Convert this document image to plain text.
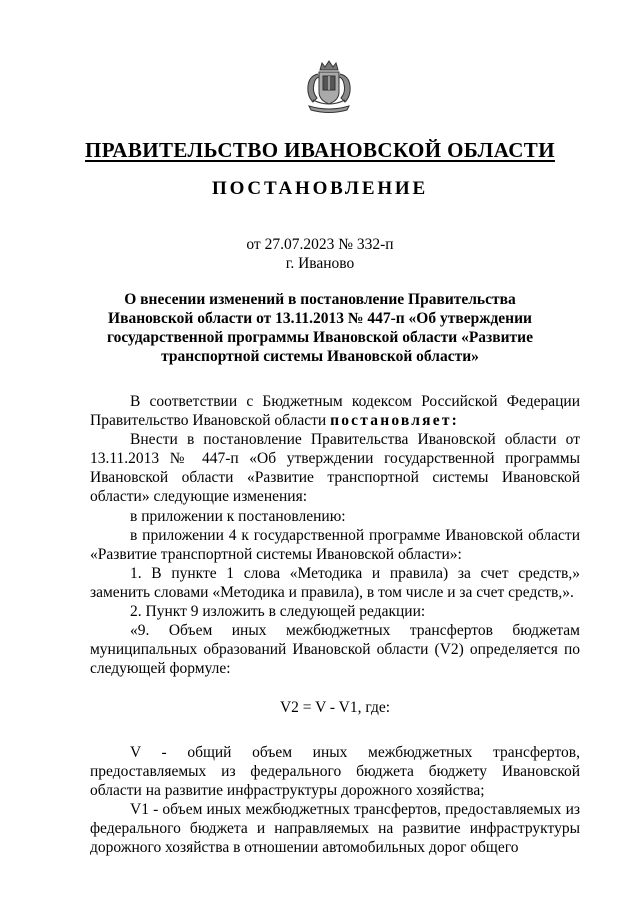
ПРАВИТЕЛЬСТВО ИВАНОВСКОЙ ОБЛАСТИ
ПОСТАНОВЛЕНИЕ
от 27.07.2023 № 332-п
г. Иваново
О внесении изменений в постановление Правительства Ивановской области от 13.11.2013 № 447-п «Об утверждении государственной программы Ивановской области «Развитие транспортной системы Ивановской области»

В соответствии с Бюджетным кодексом Российской Федерации Правительство Ивановской области постановляет:

Внести в постановление Правительства Ивановской области от 13.11.2013 № 447-п «Об утверждении государственной программы Ивановской области «Развитие транспортной системы Ивановской области» следующие изменения:

в приложении к постановлению:

в приложении 4 к государственной программе Ивановской области «Развитие транспортной системы Ивановской области»:

1. В пункте 1 слова «Методика и правила) за счет средств,» заменить словами «Методика и правила), в том числе и за счет средств,».

2. Пункт 9 изложить в следующей редакции:

«9. Объем иных межбюджетных трансфертов бюджетам муниципальных образований Ивановской области (V2) определяется по следующей формуле:

V2 = V - V1, где:

V - общий объем иных межбюджетных трансфертов, предоставляемых из федерального бюджета бюджету Ивановской области на развитие инфраструктуры дорожного хозяйства;

V1 - объем иных межбюджетных трансфертов, предоставляемых из федерального бюджета и направляемых на развитие инфраструктуры дорожного хозяйства в отношении автомобильных дорог общего
